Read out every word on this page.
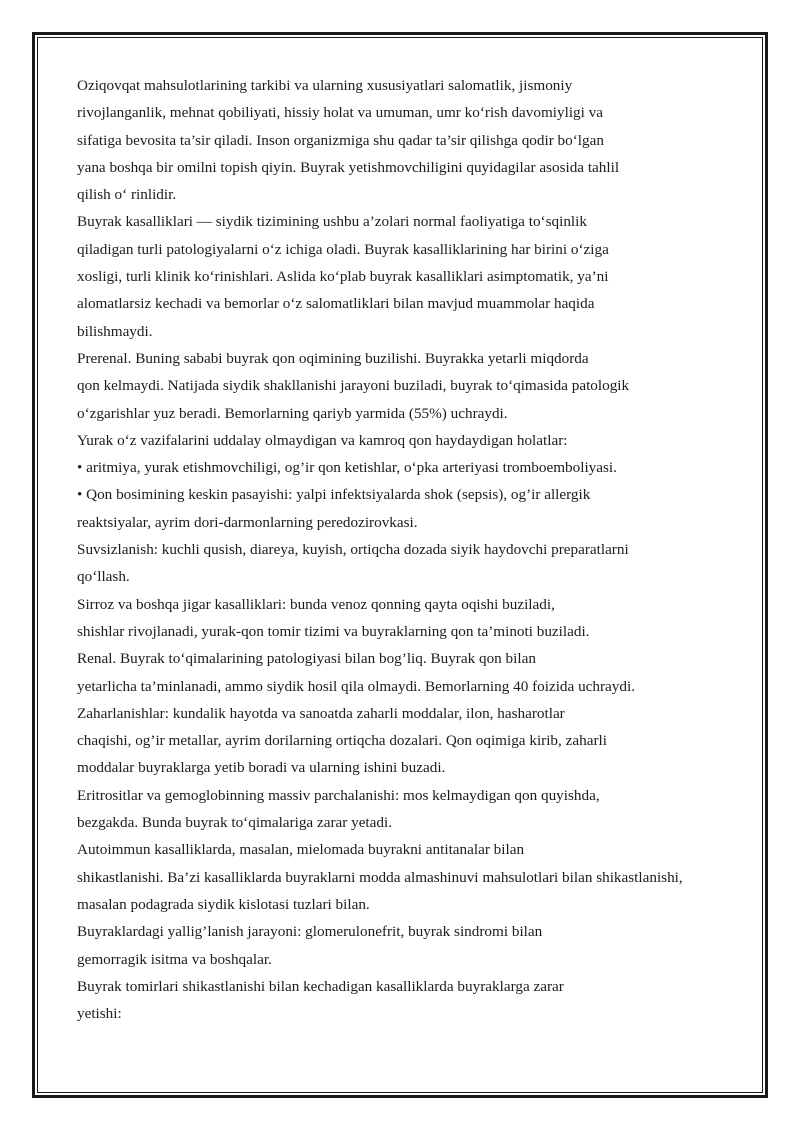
Oziqovqat mahsulotlarining tarkibi va ularning xususiyatlari salomatlik, jismoniy
rivojlanganlik, mehnat qobiliyati, hissiy holat va umuman, umr ko‘rish davomiyligi va
sifatiga bevosita ta’sir qiladi. Inson organizmiga shu qadar ta’sir qilishga qodir bo‘lgan
yana boshqa bir omilni topish qiyin. Buyrak yetishmovchiligini quyidagilar asosida tahlil
qilish o‘ rinlidir.
Buyrak kasalliklari — siydik tizimining ushbu a’zolari normal faoliyatiga to‘sqinlik
qiladigan turli patologiyalarni o‘z ichiga oladi. Buyrak kasalliklarining har birini o‘ziga
xosligi, turli klinik ko‘rinishlari. Aslida ko‘plab buyrak kasalliklari asimptomatik, ya’ni
alomatlarsiz kechadi va bemorlar o‘z salomatliklari bilan mavjud muammolar haqida
bilishmaydi.
Prerenal. Buning sababi buyrak qon oqimining buzilishi. Buyrakka yetarli miqdorda
qon kelmaydi. Natijada siydik shakllanishi jarayoni buziladi, buyrak to‘qimasida patologik
o‘zgarishlar yuz beradi. Bemorlarning qariyb yarmida (55%) uchraydi.
Yurak o‘z vazifalarini uddalay olmaydigan va kamroq qon haydaydigan holatlar:
• aritmiya, yurak etishmovchiligi, og’ir qon ketishlar, o‘pka arteriyasi tromboemboliyasi.
• Qon bosimining keskin pasayishi: yalpi infektsiyalarda shok (sepsis), og’ir allergik
reaktsiyalar, ayrim dori-darmonlarning peredozirovkasi.
Suvsizlanish: kuchli qusish, diareya, kuyish, ortiqcha dozada siyik haydovchi preparatlarni
qo‘llash.
Sirroz va boshqa jigar kasalliklari: bunda venoz qonning qayta oqishi buziladi,
shishlar rivojlanadi, yurak-qon tomir tizimi va buyraklarning qon ta’minoti buziladi.
Renal. Buyrak to‘qimalarining patologiyasi bilan bog’liq. Buyrak qon bilan
yetarlicha ta’minlanadi, ammo siydik hosil qila olmaydi. Bemorlarning 40 foizida uchraydi.
Zaharlanishlar: kundalik hayotda va sanoatda zaharli moddalar, ilon, hasharotlar
chaqishi, og’ir metallar, ayrim dorilarning ortiqcha dozalari. Qon oqimiga kirib, zaharli
moddalar buyraklarga yetib boradi va ularning ishini buzadi.
Eritrositlar va gemoglobinning massiv parchalanishi: mos kelmaydigan qon quyishda,
bezgakda. Bunda buyrak to‘qimalariga zarar yetadi.
Autoimmun kasalliklarda, masalan, mielomada buyrakni antitanalar bilan
shikastlanishi. Ba’zi kasalliklarda buyraklarni modda almashinuvi mahsulotlari bilan shikastlanishi,
masalan podagrada siydik kislotasi tuzlari bilan.
Buyraklardagi yallig’lanish jarayoni: glomerulonefrit, buyrak sindromi bilan
gemorragik isitma va boshqalar.
Buyrak tomirlari shikastlanishi bilan kechadigan kasalliklarda buyraklarga zarar
yetishi:
